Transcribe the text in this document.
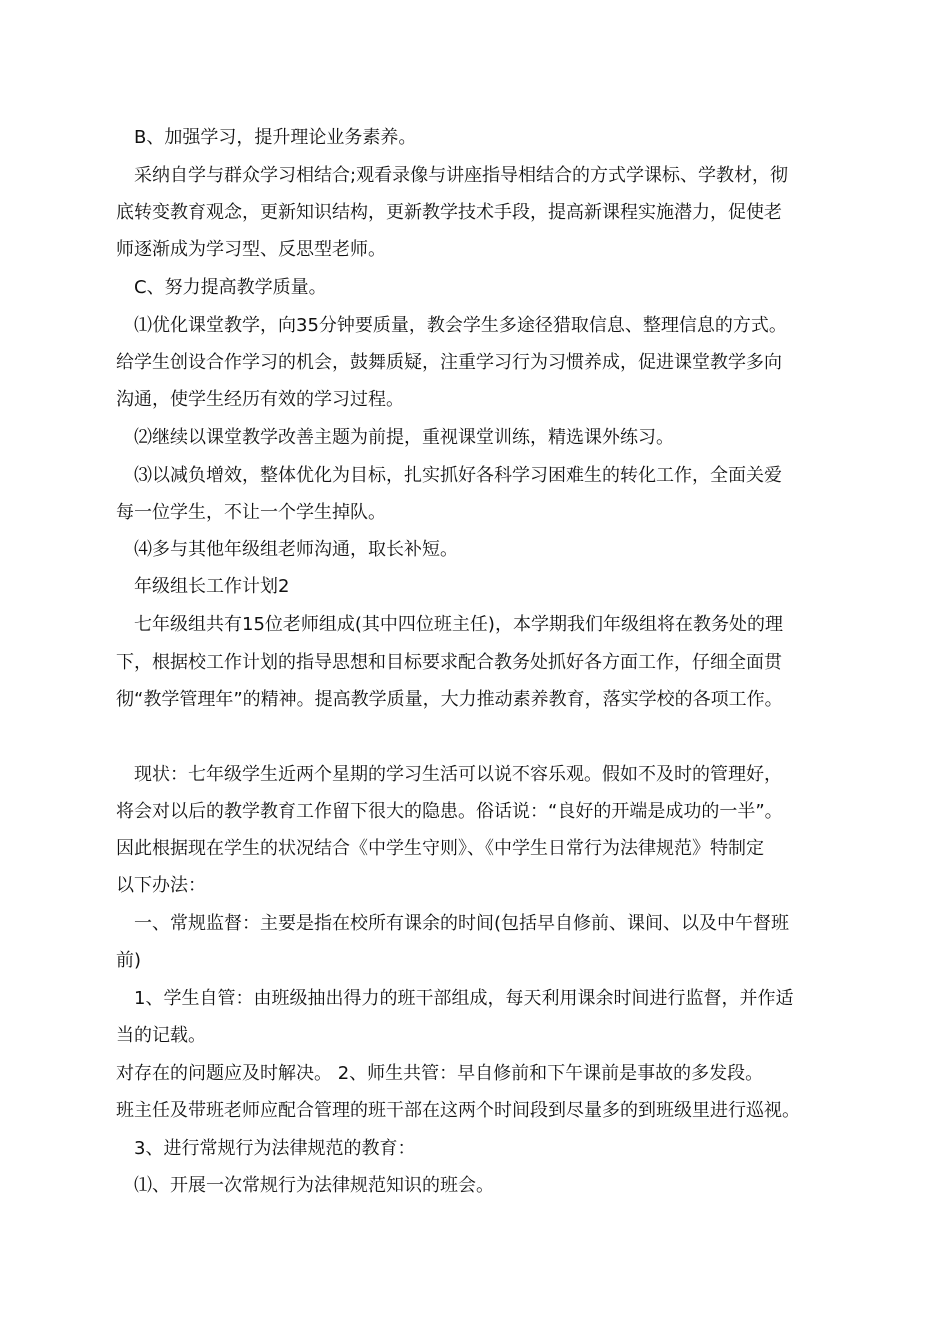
B、加强学习，提升理论业务素养。
采纳自学与群众学习相结合;观看录像与讲座指导相结合的方式学课标、学教材，彻
底转变教育观念，更新知识结构，更新教学技术手段，提高新课程实施潜力，促使老
师逐渐成为学习型、反思型老师。
C、努力提高教学质量。
⑴优化课堂教学，向35分钟要质量，教会学生多途径猎取信息、整理信息的方式。
给学生创设合作学习的机会，鼓舞质疑，注重学习行为习惯养成，促进课堂教学多向
沟通，使学生经历有效的学习过程。
⑵继续以课堂教学改善主题为前提，重视课堂训练，精选课外练习。
⑶以减负增效，整体优化为目标，扎实抓好各科学习困难生的转化工作，全面关爱
每一位学生，不让一个学生掉队。
⑷多与其他年级组老师沟通，取长补短。
年级组长工作计划2
七年级组共有15位老师组成(其中四位班主任)，本学期我们年级组将在教务处的理
下，根据校工作计划的指导思想和目标要求配合教务处抓好各方面工作，仔细全面贯
彻“教学管理年”的精神。提高教学质量，大力推动素养教育，落实学校的各项工作。
现状：七年级学生近两个星期的学习生活可以说不容乐观。假如不及时的管理好，
将会对以后的教学教育工作留下很大的隐患。俗话说：“良好的开端是成功的一半”。
因此根据现在学生的状况结合《中学生守则》、《中学生日常行为法律规范》特制定
以下办法：
一、常规监督：主要是指在校所有课余的时间(包括早自修前、课间、以及中午督班
前)
1、学生自管：由班级抽出得力的班干部组成，每天利用课余时间进行监督，并作适
当的记载。
对存在的问题应及时解决。 2、师生共管：早自修前和下午课前是事故的多发段。
班主任及带班老师应配合管理的班干部在这两个时间段到尽量多的到班级里进行巡视。
3、进行常规行为法律规范的教育：
⑴、开展一次常规行为法律规范知识的班会。
